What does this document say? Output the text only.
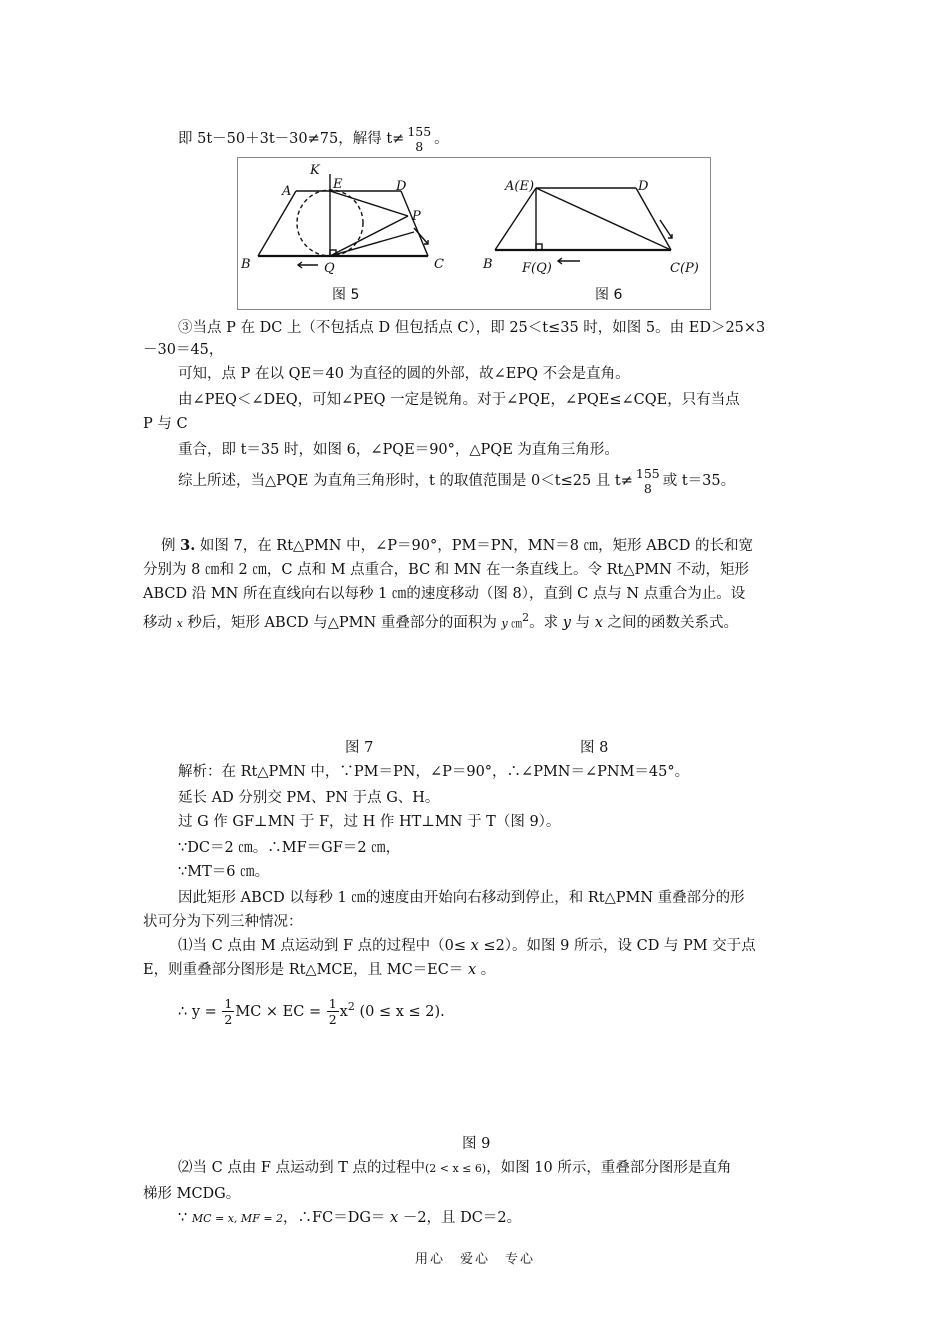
即 5t－50＋3t－30≠75，解得 t≠ 155
8 。
K
E
A	D
P
B	Q	C
A(E)	D
B F(Q)	C(P)
图 5	图 6
③当点 P 在 DC 上（不包括点 D 但包括点 C），即 25＜t≤35 时，如图 5。由 ED＞25×3
－30＝45，
可知，点 P 在以 QE＝40 为直径的圆的外部，故∠EPQ 不会是直角。
由∠PEQ＜∠DEQ，可知∠PEQ 一定是锐角。对于∠PQE，∠PQE≤∠CQE，只有当点
P 与 C
重合，即 t＝35 时，如图 6，∠PQE＝90°，△PQE 为直角三角形。
综上所述，当△PQE 为直角三角形时，t 的取值范围是 0＜t≤25 且 t≠ 155
8 或 t＝35。
例 3. 如图 7，在 Rt△PMN 中，∠P＝90°，PM＝PN，MN＝8 ㎝，矩形 ABCD 的长和宽
分别为 8 ㎝和 2 ㎝，C 点和 M 点重合，BC 和 MN 在一条直线上。令 Rt△PMN 不动，矩形
ABCD 沿 MN 所在直线向右以每秒 1 ㎝的速度移动（图 8），直到 C 点与 N 点重合为止。设
移动 x 秒后，矩形 ABCD 与△PMN 重叠部分的面积为 y ㎝$^2$。求 y 与 x 之间的函数关系式。
图 7	图 8
解析：在 Rt△PMN 中，∵PM＝PN，∠P＝90°，∴∠PMN＝∠PNM＝45°。
延长 AD 分别交 PM、PN 于点 G、H。
过 G 作 GF⊥MN 于 F，过 H 作 HT⊥MN 于 T（图 9）。
∵DC＝2 ㎝。∴MF＝GF＝2 ㎝，
∵MT＝6 ㎝。
因此矩形 ABCD 以每秒 1 ㎝的速度由开始向右移动到停止，和 Rt△PMN 重叠部分的形
状可分为下列三种情况：
⑴当 C 点由 M 点运动到 F 点的过程中（0≤ x ≤2）。如图 9 所示，设 CD 与 PM 交于点
E，则重叠部分图形是 Rt△MCE，且 MC＝EC＝ x 。
∴ $y = \frac{1}{2}$ MC × EC = $\frac{1}{2} x^2$ (0 ≤ x ≤ 2).
图 9
⑵当 C 点由 F 点运动到 T 点的过程中(2 < x ≤ 6)，如图 10 所示，重叠部分图形是直角
梯形 MCDG。
∵ MC = x, MF = 2，∴FC＝DG＝ x －2，且 DC＝2。
用心　爱心　专心
